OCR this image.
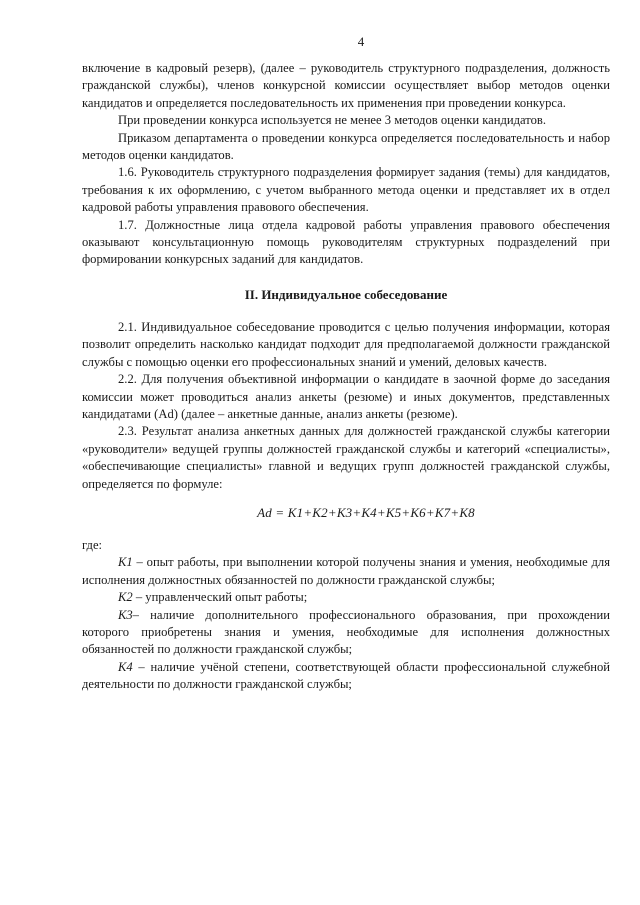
4

включение в кадровый резерв), (далее – руководитель структурного подразделения, должность гражданской службы), членов конкурсной комиссии осуществляет выбор методов оценки кандидатов и определяется последовательность их применения при проведении конкурса.

При проведении конкурса используется не менее 3 методов оценки кандидатов.

Приказом департамента о проведении конкурса определяется последовательность и набор методов оценки кандидатов.

1.6. Руководитель структурного подразделения формирует задания (темы) для кандидатов, требования к их оформлению, с учетом выбранного метода оценки и представляет их в отдел кадровой работы управления правового обеспечения.

1.7. Должностные лица отдела кадровой работы управления правового обеспечения оказывают консультационную помощь руководителям структурных подразделений при формировании конкурсных заданий для кандидатов.

II. Индивидуальное собеседование

2.1. Индивидуальное собеседование проводится с целью получения информации, которая позволит определить насколько кандидат подходит для предполагаемой должности гражданской службы с помощью оценки его профессиональных знаний и умений, деловых качеств.

2.2. Для получения объективной информации о кандидате в заочной форме до заседания комиссии может проводиться анализ анкеты (резюме) и иных документов, представленных кандидатами (Аd) (далее – анкетные данные, анализ анкеты (резюме).

2.3. Результат анализа анкетных данных для должностей гражданской службы категории «руководители» ведущей группы должностей гражданской службы и категорий «специалисты», «обеспечивающие специалисты» главной и ведущих групп должностей гражданской службы, определяется по формуле:

Аd = К1+К2+К3+К4+К5+К6+К7+К8

где:

К1 – опыт работы, при выполнении которой получены знания и умения, необходимые для исполнения должностных обязанностей по должности гражданской службы;

К2 – управленческий опыт работы;

К3– наличие дополнительного профессионального образования, при прохождении которого приобретены знания и умения, необходимые для исполнения должностных обязанностей по должности гражданской службы;

К4 – наличие учёной степени, соответствующей области профессиональной служебной деятельности по должности гражданской службы;
